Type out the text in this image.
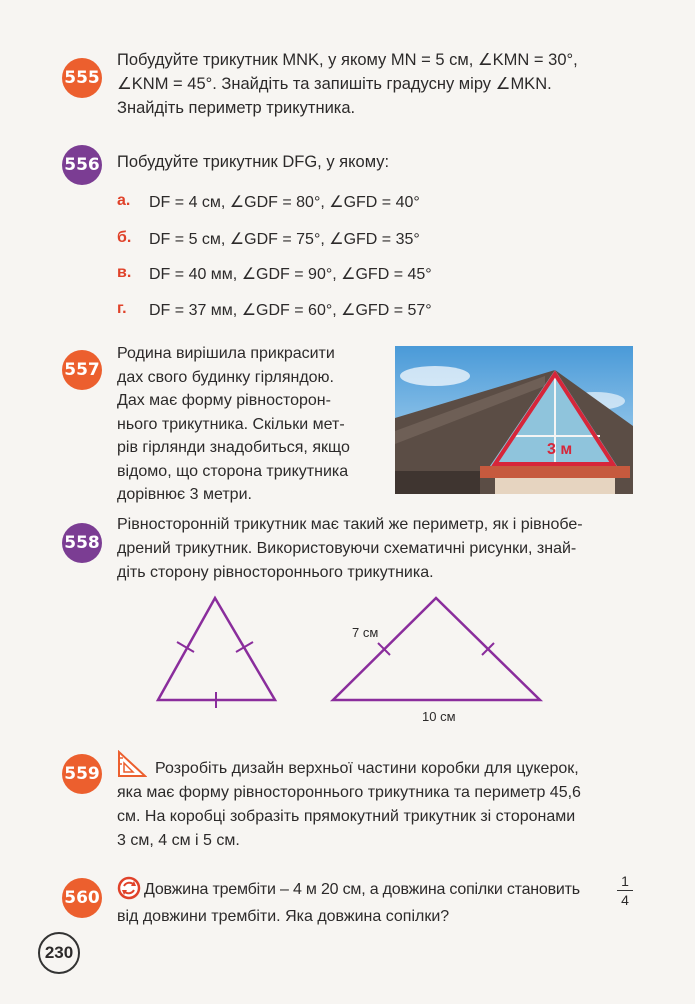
555
Побудуйте трикутник MNK, у якому MN = 5 см, ∠KMN = 30°,
∠KNM = 45°. Знайдіть та запишіть градусну міру ∠MKN.
Знайдіть периметр трикутника.
556 Побудуйте трикутник DFG, у якому:
а. DF = 4 см, ∠GDF = 80°, ∠GFD = 40°
б. DF = 5 см, ∠GDF = 75°, ∠GFD = 35°
в. DF = 40 мм, ∠GDF = 90°, ∠GFD = 45°
г.	DF = 37 мм, ∠GDF = 60°, ∠GFD = 57°
557
Родина вирішила прикрасити
дах свого будинку гірляндою.
Дах має форму рівносторон-
нього трикутника. Скільки мет-
рів гірлянди знадобиться, якщо
відомо, що сторона трикутника
дорівнює 3 метри.
3 м
558
Рівносторонній трикутник має такий же периметр, як і рівнобе-
дрений трикутник. Використовуючи схематичні рисунки, знай-
діть сторону рівностороннього трикутника.
7 см
10 см
559	Розробіть дизайн верхньої частини коробки для цукерок,
яка має форму рівностороннього трикутника та периметр 45,6
см. На коробці зобразіть прямокутний трикутник зі сторонами
3 см, 4 см і 5 см.
560	Довжина трембіти – 4 м 20 см, а довжина сопілки становить	1
4
від довжини трембіти. Яка довжина сопілки?
230
